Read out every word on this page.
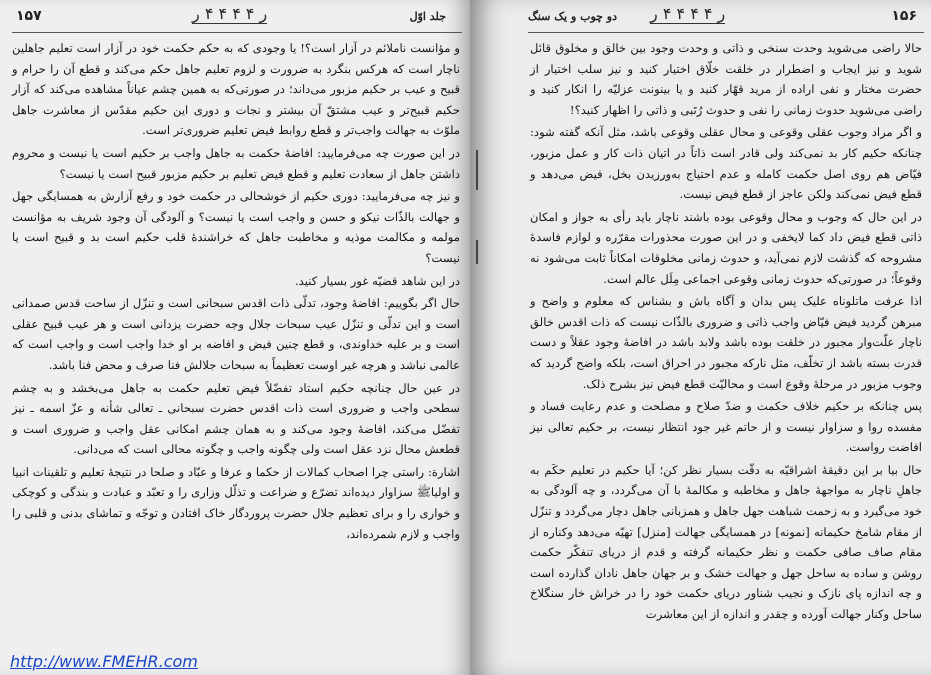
۱۵۷	ر ۴ ۴ ۴ ۴ ر	جلد اوّل

و مؤانست ناملائم در آزار است؟! یا وجودی که به حکم حکمت خود در آزار است تعلیم جاهلین ناچار است که هرکس بنگرد به ضرورت و لزوم تعلیم جاهل حکم می‌کند و قطع آن را حرام و قبیح و عیب بر حکیم مزبور می‌داند؛ در صورتی‌که به همین چشم عیاناً مشاهده می‌کند که آزار حکیم قبیح‌تر و عیب مشتقّ آن بیشتر و نجات و دوری این حکیم مقدّس از معاشرت جاهل ملوّث به جهالت واجب‌تر و قطع روابط فیض تعلیم ضروری‌تر است.

در این صورت چه می‌فرمایید: افاضهٔ حکمت به جاهل واجب بر حکیم است یا نیست و محروم داشتن جاهل از سعادت تعلیم و قطع فیض تعلیم بر حکیم مزبور قبیح است یا نیست؟

و نیز چه می‌فرمایید: دوری حکیم از خوشحالی در حکمت خود و رفع آزارش به همسایگی جهل و جهالت بالذّات نیکو و حسن و واجب است یا نیست؟ و آلودگی آن وجود شریف به مؤانست مولمه و مکالمت موذیه و مخاطبت جاهل که خراشندهٔ قلب حکیم است بد و قبیح است یا نیست؟

در این شاهد قضیّه غور بسیار کنید.

حال اگر بگوییم: افاضهٔ وجود، تدلّی ذات اقدس سبحانی است و تنزّل از ساحت قدس صمدانی است و این تدلّی و تنزّل عیب سبحات جلال وجه حضرت یزدانی است و هر عیب قبیح عقلی است و بر علیه خداوندی، و قطع چنین فیض و افاضه بر او خدا واجب است و واجب است که عالمی نباشد و هرچه غیر اوست تعظیماً به سبحات جلالش فنا صرف و محض فنا باشد.

در عین حال چنانچه حکیم استاد تفضّلاً فیض تعلیم حکمت به جاهل می‌بخشد و به چشم سطحی واجب و ضروری است ذات اقدس حضرت سبحانی ـ تعالی شأنه و عزّ اسمه ـ نیز تفضّل می‌کند، افاضهٔ وجود می‌کند و به همان چشم امکانی عقل واجب و ضروری است و قطعش محال نزد عقل است ولی چگونه واجب و چگونه محالی است که می‌دانی.

اشارة: راستی چرا اصحاب کمالات از حکما و عرفا و عبّاد و صلحا در نتیجهٔ تعلیم و تلقینات انبیا و اولیاﷺ سزاوار دیده‌اند تضرّع و ضراعت و تذلّل وزاری را و تعبّد و عبادت و بندگی و کوچکی و خواری را و برای تعظیم جلال حضرت پروردگار خاک افتادن و توجّه و تماشای بدنی و قلبی را واجب و لازم شمرده‌اند،

http://www.FMEHR.com
دو چوب و یک سنگ ر ۴ ۴ ۴ ۴ ر	۱۵۶

حالا راضی می‌شوید وحدت سنخی و ذاتی و وحدت وجود بین خالق و مخلوق قائل شوید و نیز ایجاب و اضطرار در خلقت خلّاق اختیار کنید و نیز سلب اختیار از حضرت مختار و نفی اراده از مرید قهّار کنید و یا بینونت عزلیّه را انکار کنید و راضی می‌شوید حدوث زمانی را نفی و حدوث رُتَبی و ذاتی را اظهار کنید؟!

و اگر مراد وجوب عقلی وقوعی و محال عقلی وقوعی باشد، مثل آنکه گفته شود: چنانکه حکیم کار بد نمی‌کند ولی قادر است ذاتاً در اتیان ذات کار و عمل مزبور، فیّاض هم روی اصل حکمت کامله و عدم احتیاج به‌ورزیدن بخل، فیض می‌دهد و قطع فیض نمی‌کند ولکن عاجز از قطع فیض نیست.

در این حال که وجوب و محال وقوعی بوده باشند ناچار باید رأی به جواز و امکان ذاتی قطع فیض داد کما لایخفی و در این صورت محذورات مقرّره و لوازم فاسدهٔ مشروحه که گذشت لازم نمی‌آید، و حدوث زمانی مخلوقات امکاناً ثابت می‌شود نه وقوعاً؛ در صورتی‌که حدوث زمانی وقوعی اجماعی مِلَل عالم است.

اذا عرفت ماتلوناه علیک پس بدان و آگاه باش و بشناس که معلوم و واضح و مبرهن گردید فیض فیّاض واجب ذاتی و ضروری بالذّات نیست که ذات اقدس خالق ناچار علّت‌وار مجبور در خلقت بوده باشد ولابد باشد در افاضهٔ وجود عقلاً و دست قدرت بسته باشد از تخلّف، مثل نارکه مجبور در احراق است، بلکه واضح گردید که وجوب مزبور در مرحلهٔ وقوع است و محالیّت قطع فیض نیز بشرح ذلک.

پس چنانکه بر حکیم خلاف حکمت و ضدّ صلاح و مصلحت و عدم رعایت فساد و مفسده روا و سزاوار نیست و از حاتم غیر جود انتظار نیست، بر حکیم تعالی نیز افاضت رواست.

حال بیا بر این دقیقهٔ اشراقیّه به دقّت بسیار نظر کن؛ آیا حکیم در تعلیم حکَم به جاهلِ ناچار به مواجههٔ جاهل و مخاطبه و مکالمهٔ با آن می‌گردد، و چه آلودگی به خود می‌گیرد و به زحمت شباهت جهل جاهل و همزبانی جاهل دچار می‌گردد و تنزّل از مقام شامخ حکیمانه [نمونه] در همسایگی جهالت [منزل] تهیّه می‌دهد وکناره از مقام صاف صافی حکمت و نظر حکیمانه گرفته و قدم از دریای تنفکّر حکمت روشن و ساده به ساحل جهل و جهالت خشک و بر جهان جاهل نادان گذارده است و چه اندازه پای نازک و نجیب شناور دریای حکمت خود را در خراش خار سنگلاخ ساحل وکنار جهالت آورده و چقدر و اندازه از این معاشرت
